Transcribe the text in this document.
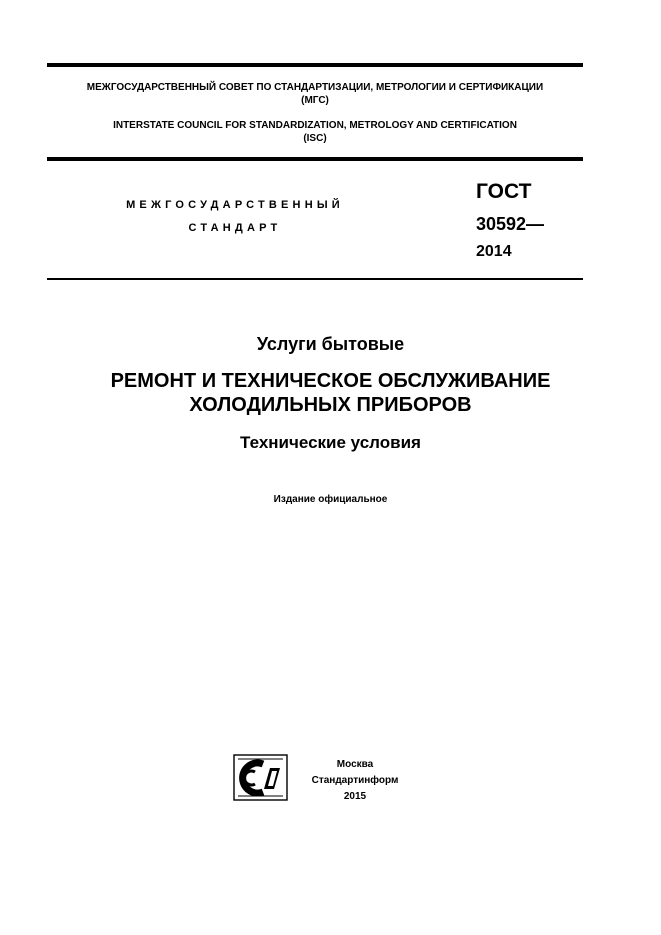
МЕЖГОСУДАРСТВЕННЫЙ СОВЕТ ПО СТАНДАРТИЗАЦИИ, МЕТРОЛОГИИ И СЕРТИФИКАЦИИ
(МГС)
INTERSTATE COUNCIL FOR STANDARDIZATION, METROLOGY AND CERTIFICATION
(ISC)
МЕЖГОСУДАРСТВЕННЫЙ
СТАНДАРТ
ГОСТ
30592—
2014
Услуги бытовые
РЕМОНТ И ТЕХНИЧЕСКОЕ ОБСЛУЖИВАНИЕ
ХОЛОДИЛЬНЫХ ПРИБОРОВ
Технические условия
Издание официальное
Москва
Стандартинформ
2015
